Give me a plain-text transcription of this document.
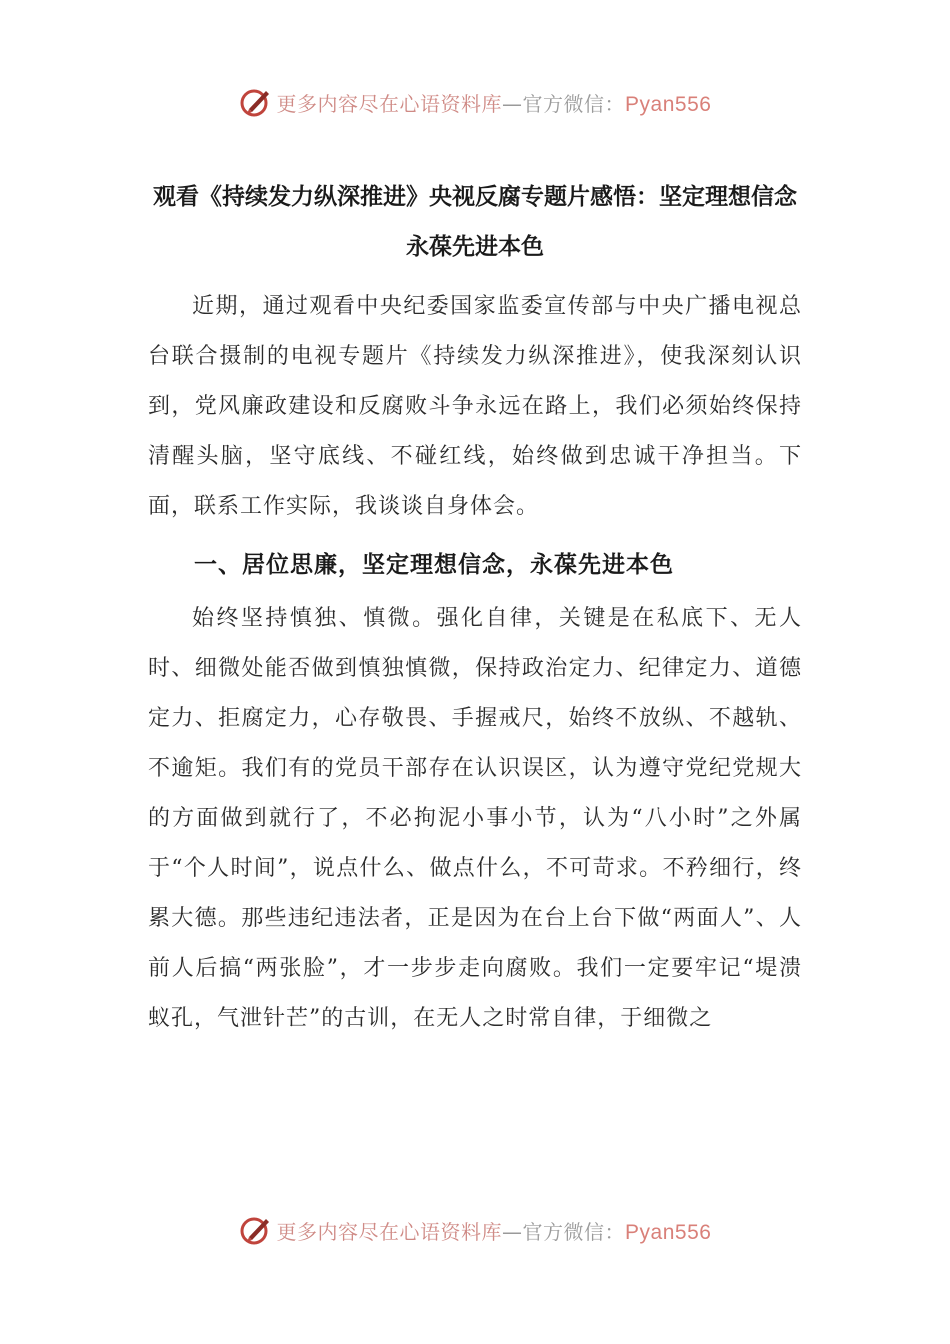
更多内容尽在心语资料库—官方微信：Pyan556
观看《持续发力纵深推进》央视反腐专题片感悟：坚定理想信念永葆先进本色

近期，通过观看中央纪委国家监委宣传部与中央广播电视总台联合摄制的电视专题片《持续发力纵深推进》，使我深刻认识到，党风廉政建设和反腐败斗争永远在路上，我们必须始终保持清醒头脑，坚守底线、不碰红线，始终做到忠诚干净担当。下面，联系工作实际，我谈谈自身体会。

一、居位思廉，坚定理想信念，永葆先进本色

始终坚持慎独、慎微。强化自律，关键是在私底下、无人时、细微处能否做到慎独慎微，保持政治定力、纪律定力、道德定力、拒腐定力，心存敬畏、手握戒尺，始终不放纵、不越轨、不逾矩。我们有的党员干部存在认识误区，认为遵守党纪党规大的方面做到就行了，不必拘泥小事小节，认为“八小时”之外属于“个人时间”，说点什么、做点什么，不可苛求。不矜细行，终累大德。那些违纪违法者，正是因为在台上台下做“两面人”、人前人后搞“两张脸”，才一步步走向腐败。我们一定要牢记“堤溃蚁孔，气泄针芒”的古训，在无人之时常自律，于细微之

更多内容尽在心语资料库—官方微信：Pyan556
